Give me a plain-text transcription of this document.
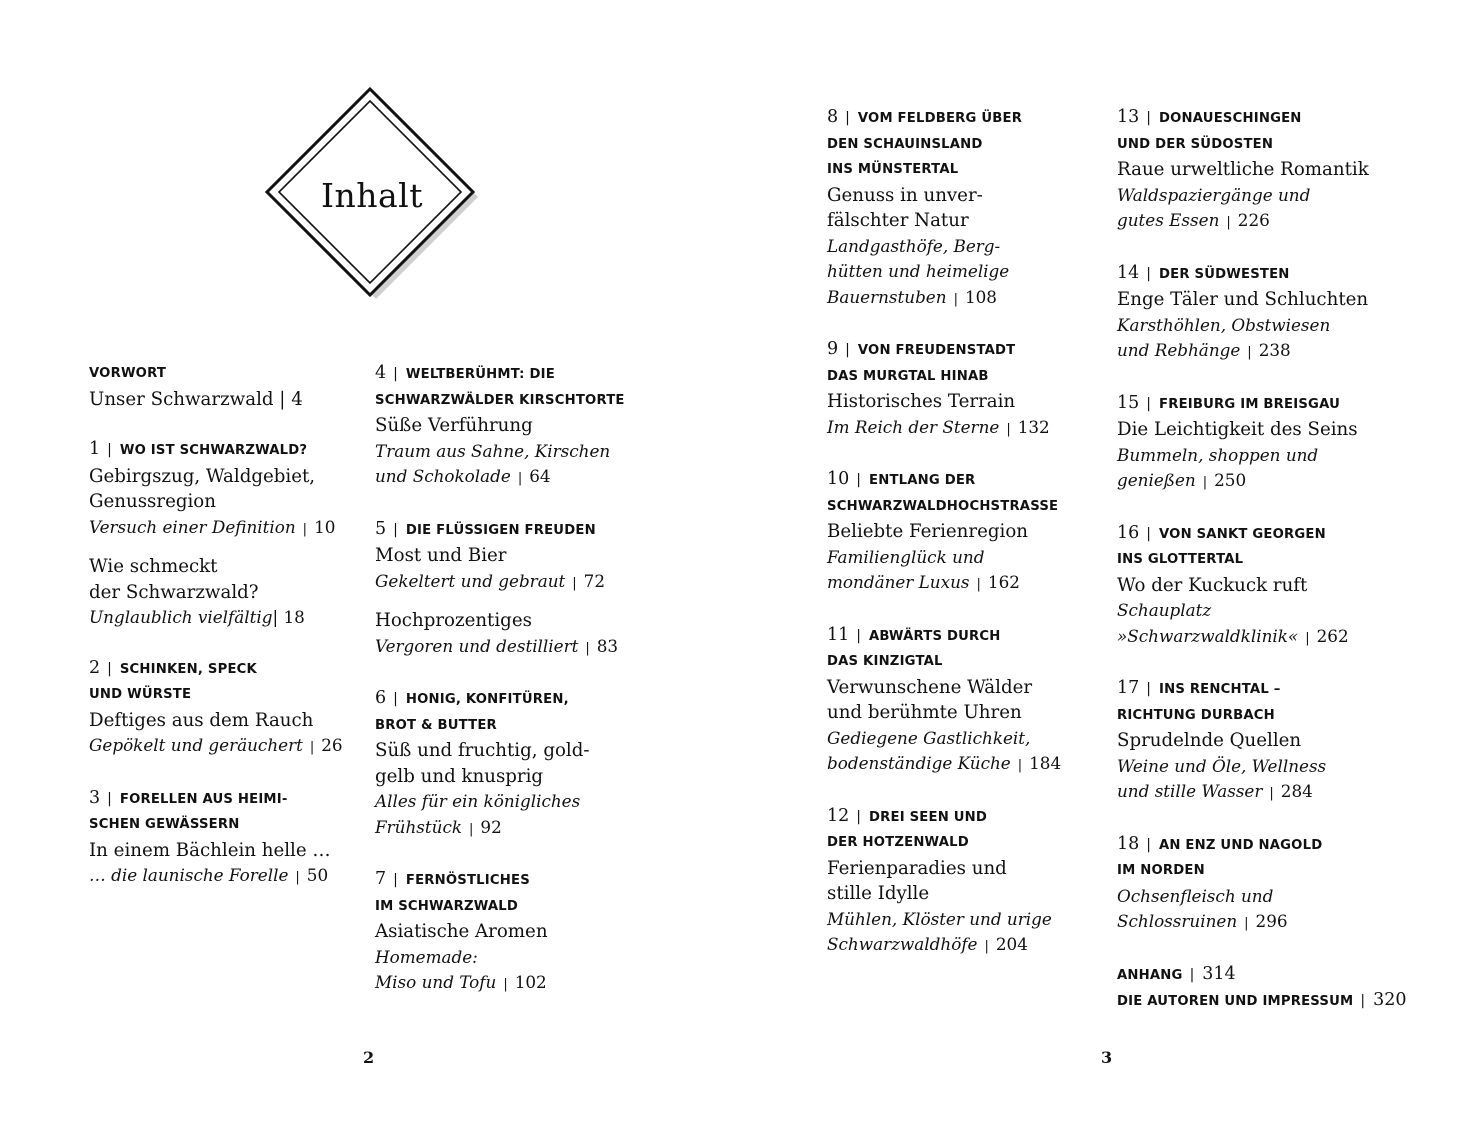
Inhalt
VORWORT
Unser Schwarzwald | 4
1 | WO IST SCHWARZWALD?
Gebirgszug, Waldgebiet,
Genussregion
Versuch einer Definition | 10
Wie schmeckt
der Schwarzwald?
Unglaublich vielfältig| 18
2 | SCHINKEN, SPECK
UND WÜRSTE
Deftiges aus dem Rauch
Gepökelt und geräuchert | 26
3 | FORELLEN AUS HEIMI-
SCHEN GEWÄSSERN
In einem Bächlein helle …
… die launische Forelle | 50
4 | WELTBERÜHMT: DIE
SCHWARZWÄLDER KIRSCHTORTE
Süße Verführung
Traum aus Sahne, Kirschen
und Schokolade | 64
5 | DIE FLÜSSIGEN FREUDEN
Most und Bier
Gekeltert und gebraut | 72
Hochprozentiges
Vergoren und destilliert | 83
6 | HONIG, KONFITÜREN,
BROT & BUTTER
Süß und fruchtig, gold-
gelb und knusprig
Alles für ein königliches
Frühstück | 92
7 | FERNÖSTLICHES
IM SCHWARZWALD
Asiatische Aromen
Homemade:
Miso und Tofu | 102
8 | VOM FELDBERG ÜBER
DEN SCHAUINSLAND
INS MÜNSTERTAL
Genuss in unver-
fälschter Natur
Landgasthöfe, Berg-
hütten und heimelige
Bauernstuben | 108
9 | VON FREUDENSTADT
DAS MURGTAL HINAB
Historisches Terrain
Im Reich der Sterne | 132
10 | ENTLANG DER
SCHWARZWALDHOCHSTRASSE
Beliebte Ferienregion
Familienglück und
mondäner Luxus | 162
11 | ABWÄRTS DURCH
DAS KINZIGTAL
Verwunschene Wälder
und berühmte Uhren
Gediegene Gastlichkeit,
bodenständige Küche | 184
12 | DREI SEEN UND
DER HOTZENWALD
Ferienparadies und
stille Idylle
Mühlen, Klöster und urige
Schwarzwaldhöfe | 204
13 | DONAUESCHINGEN
UND DER SÜDOSTEN
Raue urweltliche Romantik
Waldspaziergänge und
gutes Essen | 226
14 | DER SÜDWESTEN
Enge Täler und Schluchten
Karsthöhlen, Obstwiesen
und Rebhänge | 238
15 | FREIBURG IM BREISGAU
Die Leichtigkeit des Seins
Bummeln, shoppen und
genießen | 250
16 | VON SANKT GEORGEN
INS GLOTTERTAL
Wo der Kuckuck ruft
Schauplatz
»Schwarzwaldklinik« | 262
17 | INS RENCHTAL –
RICHTUNG DURBACH
Sprudelnde Quellen
Weine und Öle, Wellness
und stille Wasser | 284
18 | AN ENZ UND NAGOLD
IM NORDEN
Ochsenfleisch und
Schlossruinen | 296
ANHANG | 314
DIE AUTOREN UND IMPRESSUM | 320
2	3
